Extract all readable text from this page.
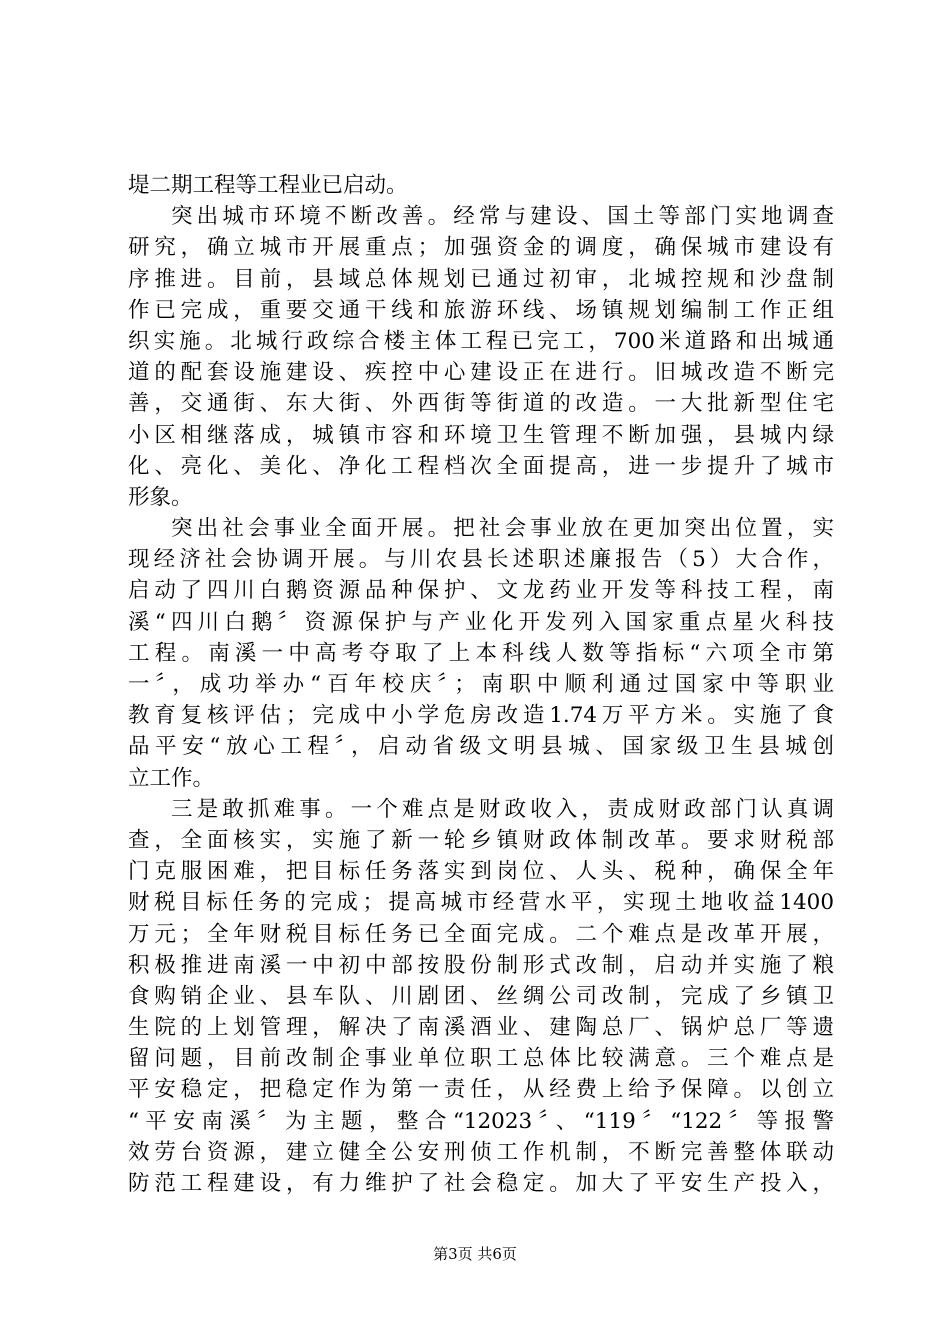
堤二期工程等工程业已启动。
突出城市环境不断改善。经常与建设、国土等部门实地调查
研究，确立城市开展重点；加强资金的调度，确保城市建设有
序推进。目前，县域总体规划已通过初审，北城控规和沙盘制
作已完成，重要交通干线和旅游环线、场镇规划编制工作正组
织实施。北城行政综合楼主体工程已完工，700米道路和出城通
道的配套设施建设、疾控中心建设正在进行。旧城改造不断完
善，交通街、东大街、外西街等街道的改造。一大批新型住宅
小区相继落成，城镇市容和环境卫生管理不断加强，县城内绿
化、亮化、美化、净化工程档次全面提高，进一步提升了城市
形象。
突出社会事业全面开展。把社会事业放在更加突出位置，实
现经济社会协调开展。与川农县长述职述廉报告（5）大合作，
启动了四川白鹅资源品种保护、文龙药业开发等科技工程，南
溪“四川白鹅〞资源保护与产业化开发列入国家重点星火科技
工程。南溪一中高考夺取了上本科线人数等指标“六项全市第
一〞，成功举办“百年校庆〞；南职中顺利通过国家中等职业
教育复核评估；完成中小学危房改造1.74万平方米。实施了食
品平安“放心工程〞，启动省级文明县城、国家级卫生县城创
立工作。
三是敢抓难事。一个难点是财政收入，责成财政部门认真调
查，全面核实，实施了新一轮乡镇财政体制改革。要求财税部
门克服困难，把目标任务落实到岗位、人头、税种，确保全年
财税目标任务的完成；提高城市经营水平，实现土地收益1400
万元；全年财税目标任务已全面完成。二个难点是改革开展，
积极推进南溪一中初中部按股份制形式改制，启动并实施了粮
食购销企业、县车队、川剧团、丝绸公司改制，完成了乡镇卫
生院的上划管理，解决了南溪酒业、建陶总厂、锅炉总厂等遗
留问题，目前改制企事业单位职工总体比较满意。三个难点是
平安稳定，把稳定作为第一责任，从经费上给予保障。以创立
“平安南溪〞为主题，整合“12023〞、“119〞“122〞等报警
效劳台资源，建立健全公安刑侦工作机制，不断完善整体联动
防范工程建设，有力维护了社会稳定。加大了平安生产投入，
第3页 共6页
